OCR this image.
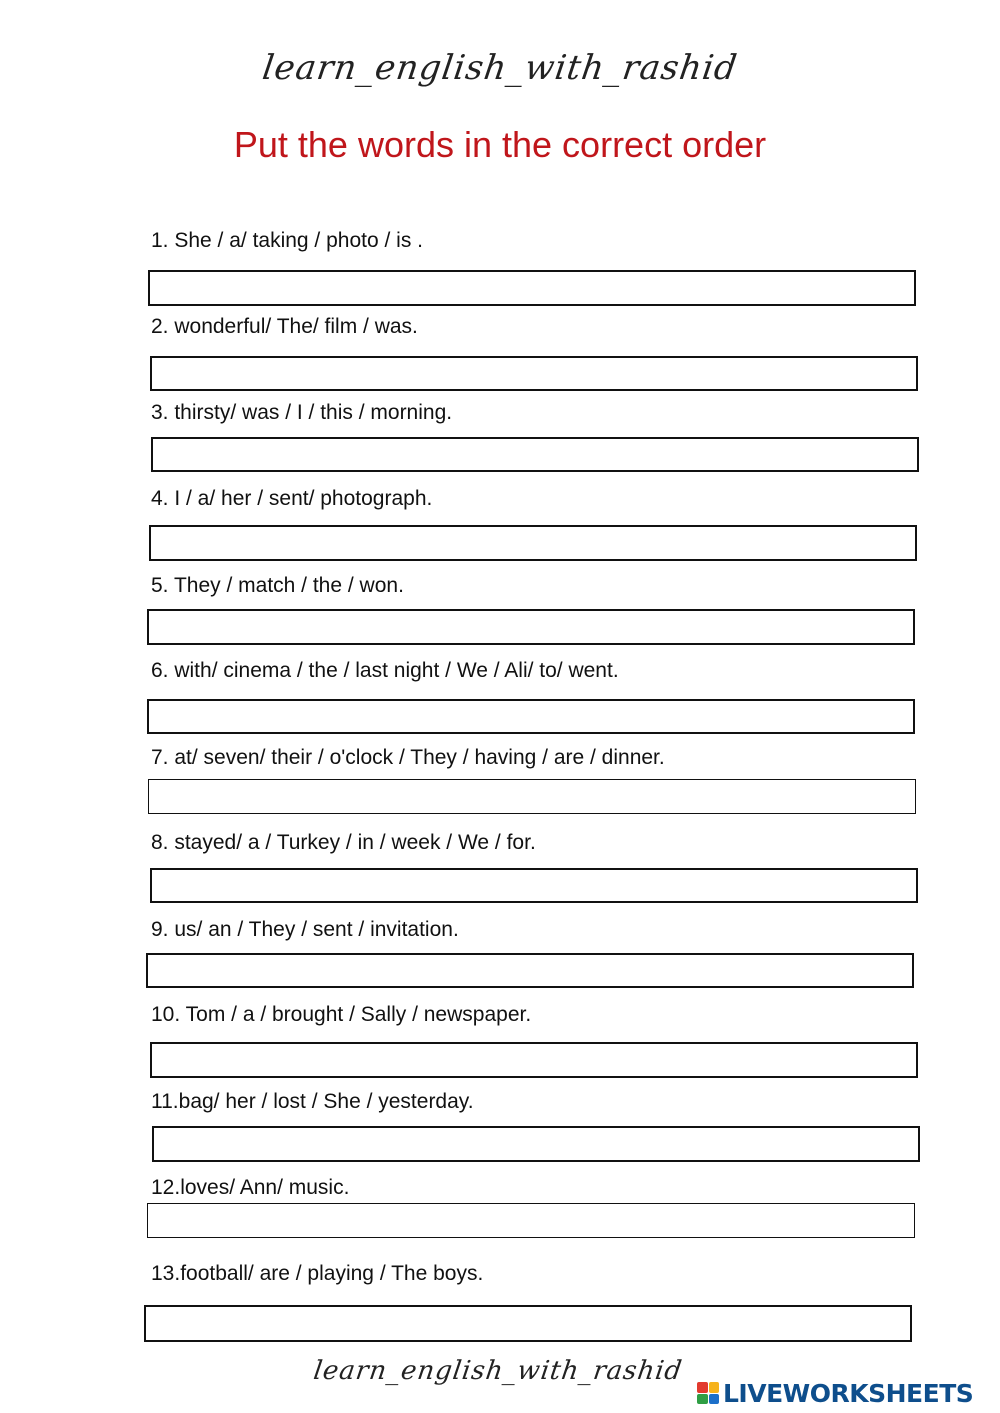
learn_english_with_rashid
Put the words in the correct order
1. She / a/ taking / photo / is .
2. wonderful/ The/ film / was.
3. thirsty/ was / I / this / morning.
4. I / a/ her / sent/ photograph.
5. They / match / the / won.
6. with/ cinema / the / last night / We / Ali/ to/ went.
7. at/ seven/ their / o'clock / They / having / are / dinner.
8. stayed/ a / Turkey / in / week / We / for.
9. us/ an / They / sent / invitation.
10. Tom / a / brought / Sally / newspaper.
11.bag/ her / lost / She / yesterday.
12.loves/ Ann/ music.
13.football/ are / playing / The boys.
learn_english_with_rashid
LIVEWORKSHEETS
